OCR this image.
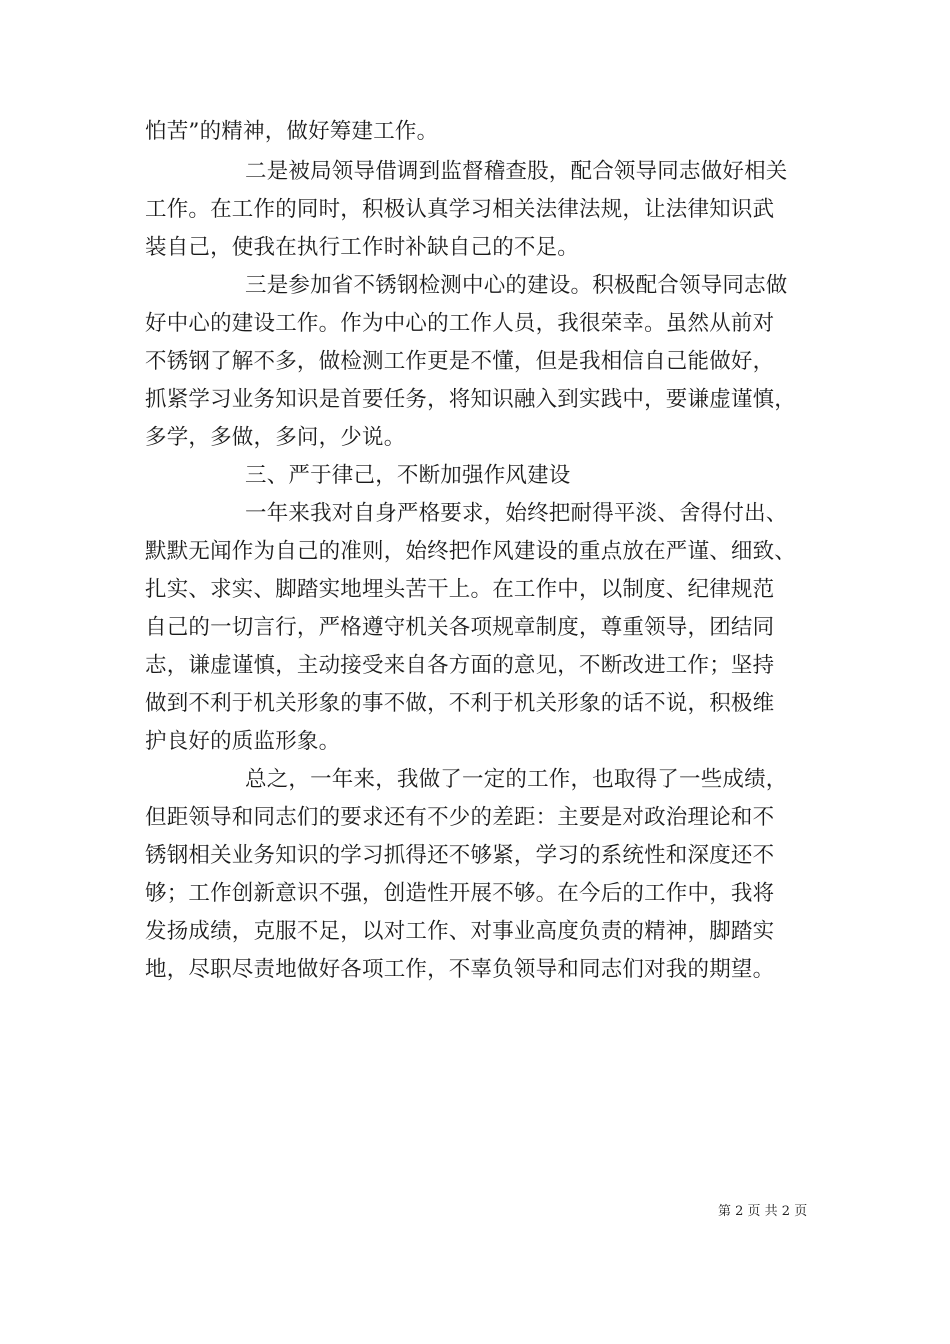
怕苦”的精神，做好筹建工作。
二是被局领导借调到监督稽查股，配合领导同志做好相关
工作。在工作的同时，积极认真学习相关法律法规，让法律知识武
装自己，使我在执行工作时补缺自己的不足。
三是参加省不锈钢检测中心的建设。积极配合领导同志做
好中心的建设工作。作为中心的工作人员，我很荣幸。虽然从前对
不锈钢了解不多，做检测工作更是不懂，但是我相信自己能做好，
抓紧学习业务知识是首要任务，将知识融入到实践中，要谦虚谨慎，
多学，多做，多问，少说。
三、严于律己，不断加强作风建设
一年来我对自身严格要求，始终把耐得平淡、舍得付出、
默默无闻作为自己的准则，始终把作风建设的重点放在严谨、细致、
扎实、求实、脚踏实地埋头苦干上。在工作中，以制度、纪律规范
自己的一切言行，严格遵守机关各项规章制度，尊重领导，团结同
志，谦虚谨慎，主动接受来自各方面的意见，不断改进工作；坚持
做到不利于机关形象的事不做，不利于机关形象的话不说，积极维
护良好的质监形象。
总之，一年来，我做了一定的工作，也取得了一些成绩，
但距领导和同志们的要求还有不少的差距：主要是对政治理论和不
锈钢相关业务知识的学习抓得还不够紧，学习的系统性和深度还不
够；工作创新意识不强，创造性开展不够。在今后的工作中，我将
发扬成绩，克服不足，以对工作、对事业高度负责的精神，脚踏实
地，尽职尽责地做好各项工作，不辜负领导和同志们对我的期望。
第 2 页 共 2 页
